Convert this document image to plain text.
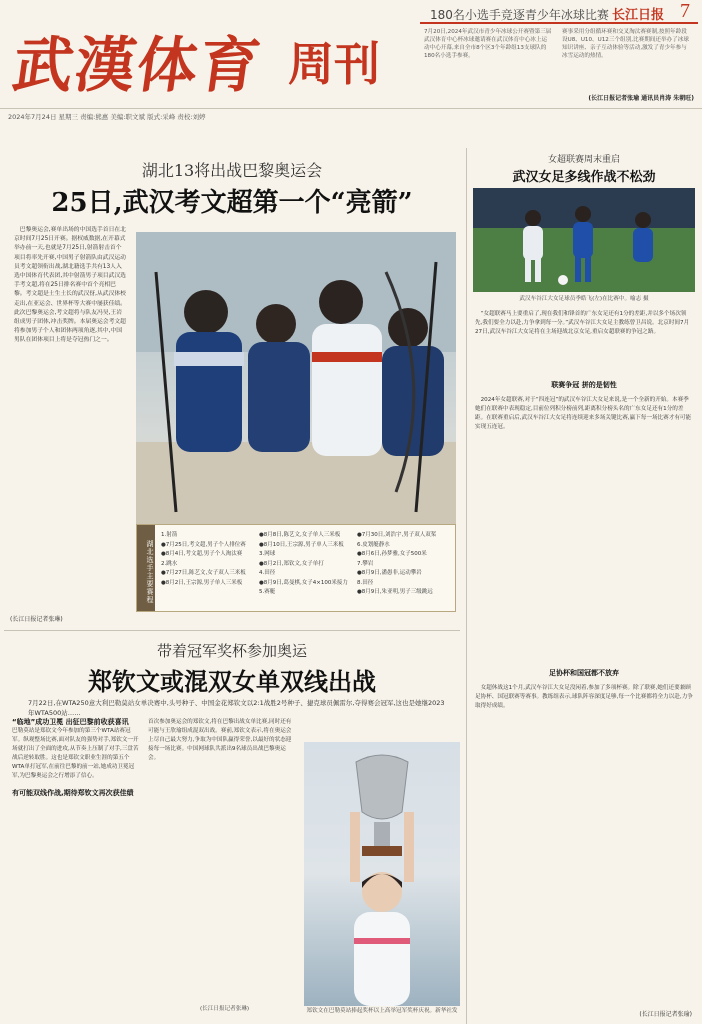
武漢体育 周刊
180名小选手竞逐青少年冰球比赛 长江日报 7
7月20日,2024年武汉市青少年冰球公开赛暨第三届武汉体育中心杯冰球邀请赛在武汉体育中心冰上运动中心开幕,来自全市8个区3个年龄组13支球队的180名小选手参赛。
赛事采用分组循环赛和交叉淘汰赛赛制,按照年龄段设U8、U10、U12三个组别,比赛期间还举办了冰球知识讲座、亲子互动体验等活动,激发了青少年参与冰雪运动的热情。
(长江日报记者张瑜 通讯员肖涛 朱朝旺)
2024年7月24日 星期三 责编:熊惠 美编:职文斌 版式:采峰 责校:刘婷
湖北13将出战巴黎奥运会
25日,武汉考文超第一个“亮箭”
巴黎奥运会,赛单出场的中国选手首日在北京时间7月25日开赛。据权威数据,在开幕式举办前一天,也就是7月25日,射箭射击首个项目将率先开赛,中国男子射箭队由武汉运动员考文超领衔出战,湖北籍选手共有13人入选中国体育代表团,其中射箭男子项目武汉选手考文超,将在25日排名赛中首个亮相巴黎。考文超是土生土长的武汉伢,从武汉体校走出,在亚运会、世界杯等大赛中屡获佳绩。此次巴黎奥运会,考文超将与队友冯昊,王岩组成男子团体,冲击奖牌。本届奥运会考文超将参加男子个人和团体两项角逐,其中,中国男队在团体项目上将是夺冠热门之一。
湖北选手主要赛程
1.射箭
●7月25日,考文超,男子个人排位赛
●8月4日,考文超,男子个人淘汰赛
2.跳水
●7月27日,陈艺文,女子双人三米板
●8月2日,王宗源,男子单人三米板
●8月8日,陈艺文,女子单人三米板
●8月10日,王宗源,男子单人三米板
3.网球
●8月2日,郑钦文,女子单打
4.田径
●8月9日,葛曼棋,女子4×100米接力
5.赛艇
●7月30日,刘浩宇,男子双人双桨
6.皮划艇静水
●8月6日,孙梦雅,女子500米
7.攀岩
●8月9日,潘愚非,运动攀岩
8.田径
●8月9日,朱亚明,男子三级跳远
(长江日报记者张琳)
带着冠军奖杯参加奥运
郑钦文或混双女单双线出战
7月22日,在WTA250意大利巴勒莫站女单决赛中,头号种子、中国金花郑钦文以2:1战胜2号种子、捷克球员佩雷尔,夺得赛会冠军,这也是她继2023年WTA500站……
“临地”成功卫冕 出征巴黎前收获喜讯
巴勒莫站是郑钦文今年参加的第三个WTA站赛冠军。纵观整场比赛,面对队友的强势对手,郑钦文一开场就打出了全面的进攻,从节奏上压制了对手,三盘苦战后逆转取胜。这也是郑钦文职业生涯的第五个WTA单打冠军,在前往巴黎的前一站,她成功卫冕冠军,为巴黎奥运会之行增添了信心。
有可能双线作战,期待郑钦文再次获佳绩
首次参加奥运会的郑钦文,将在巴黎出战女单比赛,同时还有可能与王欣瑜组成混双出战。赛前,郑钦文表示,将在奥运会上尽自己最大努力,争取为中国队赢得荣誉,以最好的状态迎接每一场比赛。中国网球队共派出9名球员出战巴黎奥运会。
郑钦文在巴勒莫站捧起奖杯以上高举冠军奖杯庆祝。新华社发
(长江日报记者张琳)
女超联赛周末重启
武汉女足多线作战不松劲
武汉车谷江大女足球员季皓飞(左)在比赛中。喻志 摄
“女超联赛马上要重启了,现在我们和锋首的广东女足还有1分的差距,并以多个场次领先,我们要全力以赴,力争拿到每一分。”武汉车谷江大女足主教练曾卫昌说。北京时间7月27日,武汉车谷江大女足将在主场迎战北京女足,重启女超联赛的争冠之路。
联赛争冠 拼的是韧性
2024年女超联赛,对于“四连冠”的武汉车谷江大女足来说,是一个全新的开始。本赛季她们在联赛中表现稳定,目前位列积分榜前列,距离积分榜头名的广东女足还有1分的差距。在联赛重启后,武汉车谷江大女足将连续迎来多场关键比赛,赢下每一场比赛才有可能实现五连冠。
足协杯和国冠都不放弃
女超休战这1个月,武汉车谷江大女足没闲着,参加了多项杯赛。除了联赛,她们还要兼顾足协杯、国冠联赛等赛事。教练组表示,球队阵容深度足够,每一个比赛都将全力以赴,力争取得好成绩。
(长江日报记者张瑜)
